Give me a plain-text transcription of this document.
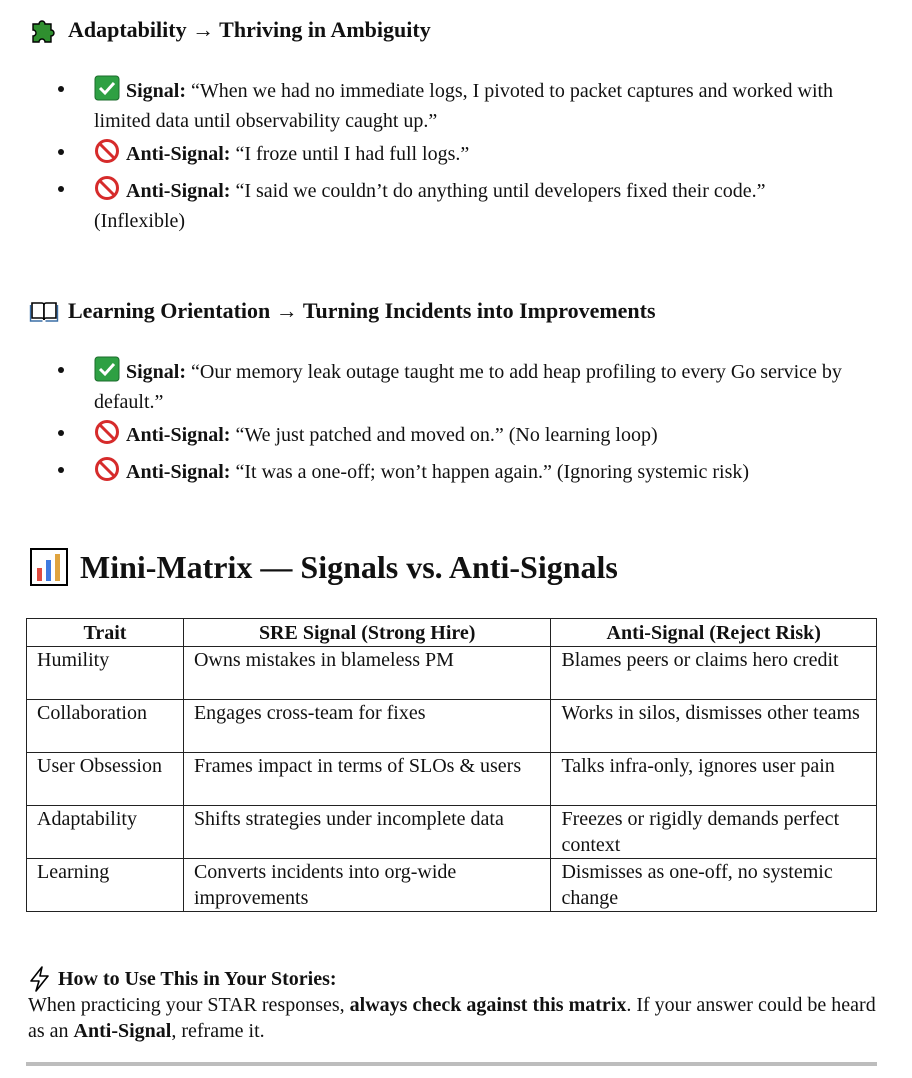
Adaptability → Thriving in Ambiguity
Signal: “When we had no immediate logs, I pivoted to packet captures and worked with limited data until observability caught up.”
Anti-Signal: “I froze until I had full logs.”
Anti-Signal: “I said we couldn’t do anything until developers fixed their code.” (Inflexible)
Learning Orientation → Turning Incidents into Improvements
Signal: “Our memory leak outage taught me to add heap profiling to every Go service by default.”
Anti-Signal: “We just patched and moved on.” (No learning loop)
Anti-Signal: “It was a one-off; won’t happen again.” (Ignoring systemic risk)
Mini-Matrix — Signals vs. Anti-Signals
Trait	SRE Signal (Strong Hire)	Anti-Signal (Reject Risk)
Humility	Owns mistakes in blameless PM	Blames peers or claims hero credit
Collaboration	Engages cross-team for fixes	Works in silos, dismisses other teams
User Obsession	Frames impact in terms of SLOs & users	Talks infra-only, ignores user pain
Adaptability	Shifts strategies under incomplete data	Freezes or rigidly demands perfect context
Learning	Converts incidents into org-wide improvements	Dismisses as one-off, no systemic change
How to Use This in Your Stories:
When practicing your STAR responses, always check against this matrix. If your answer could be heard as an Anti-Signal, reframe it.
